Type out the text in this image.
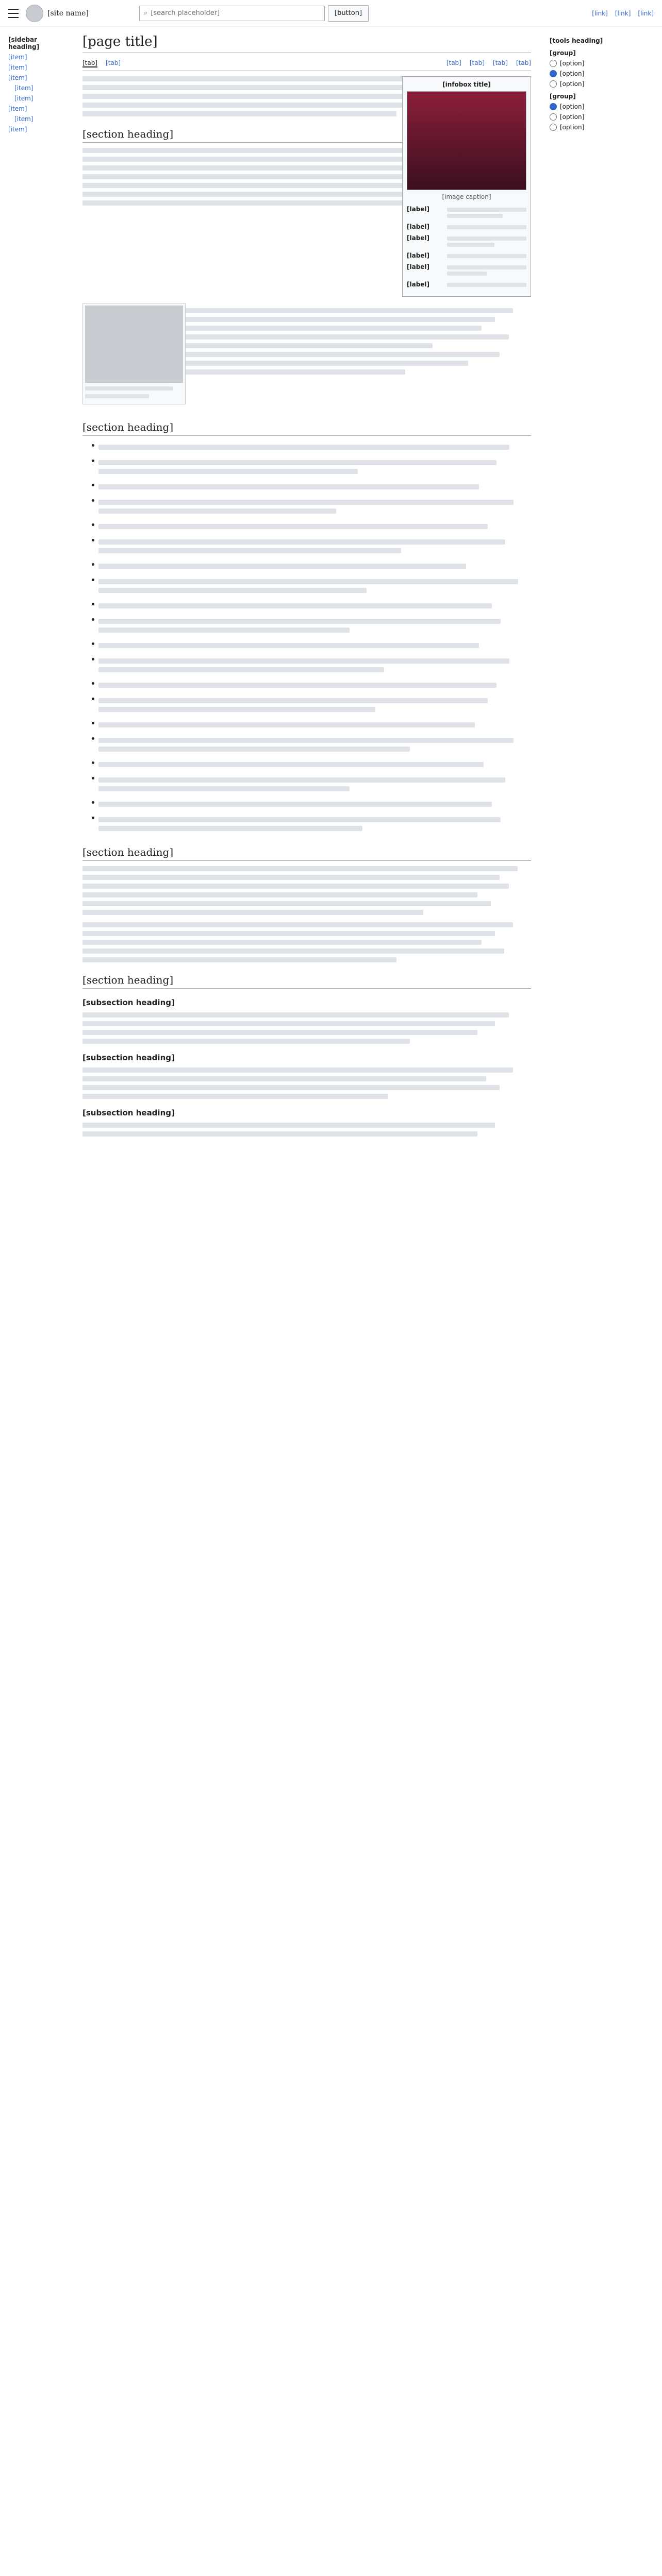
[site name]	⌕ [search placeholder]	[button]	[link] [link] [link]
[sidebar heading]
[item]
[item]
[item]
[item]
[item]
[item]
[item]
[item]
[page title]
[tab] [tab]	[tab] [tab] [tab] [tab]
[infobox title]
[image caption]
[label]
[label]
[label]
[label]
[label]
[label]
[section heading]
[section heading]
[section heading]
[section heading]
[subsection heading]
[subsection heading]
[subsection heading]
[tools heading]
[group]
[option]
[option]
[option]
[group]
[option]
[option]
[option]
